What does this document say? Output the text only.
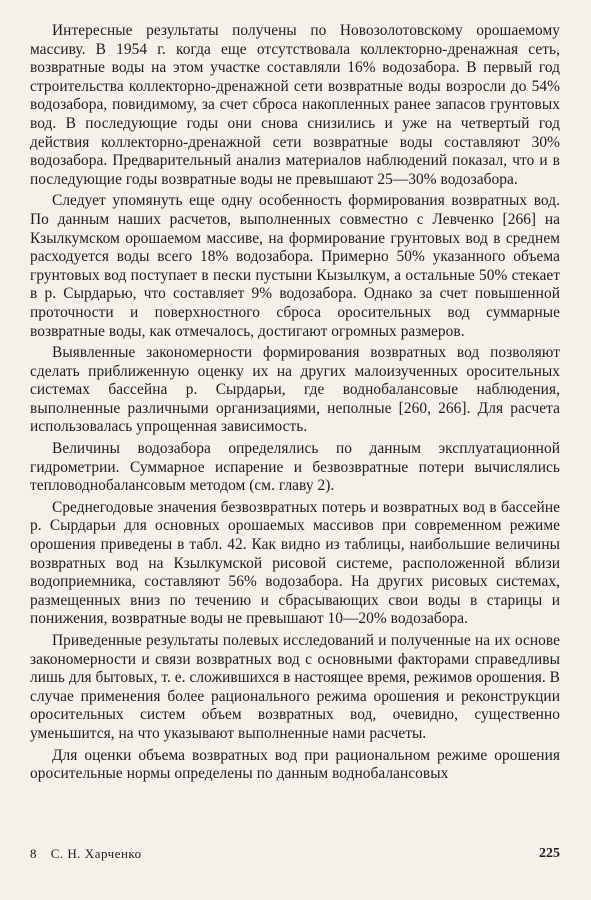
Интересные результаты получены по Новозолотовскому орошаемому массиву. В 1954 г. когда еще отсутствовала коллекторно-дренажная сеть, возвратные воды на этом участке составляли 16% водозабора. В первый год строительства коллекторно-дренажной сети возвратные воды возросли до 54% водозабора, повидимому, за счет сброса накопленных ранее запасов грунтовых вод. В последующие годы они снова снизились и уже на четвертый год действия коллекторно-дренажной сети возвратные воды составляют 30% водозабора. Предварительный анализ материалов наблюдений показал, что и в последующие годы возвратные воды не превышают 25—30% водозабора.

Следует упомянуть еще одну особенность формирования возвратных вод. По данным наших расчетов, выполненных совместно с Левченко [266] на Кзылкумском орошаемом массиве, на формирование грунтовых вод в среднем расходуется воды всего 18% водозабора. Примерно 50% указанного объема грунтовых вод поступает в пески пустыни Кызылкум, а остальные 50% стекает в р. Сырдарью, что составляет 9% водозабора. Однако за счет повышенной проточности и поверхностного сброса оросительных вод суммарные возвратные воды, как отмечалось, достигают огромных размеров.

Выявленные закономерности формирования возвратных вод позволяют сделать приближенную оценку их на других малоизученных оросительных системах бассейна р. Сырдарьи, где воднобалансовые наблюдения, выполненные различными организациями, неполные [260, 266]. Для расчета использовалась упрощенная зависимость.

Величины водозабора определялись по данным эксплуатационной гидрометрии. Суммарное испарение и безвозвратные потери вычислялись тепловоднобалансовым методом (см. главу 2).

Среднегодовые значения безвозвратных потерь и возвратных вод в бассейне р. Сырдарьи для основных орошаемых массивов при современном режиме орошения приведены в табл. 42. Как видно из таблицы, наибольшие величины возвратных вод на Кзылкумской рисовой системе, расположенной вблизи водоприемника, составляют 56% водозабора. На других рисовых системах, размещенных вниз по течению и сбрасывающих свои воды в старицы и понижения, возвратные воды не превышают 10—20% водозабора.

Приведенные результаты полевых исследований и полученные на их основе закономерности и связи возвратных вод с основными факторами справедливы лишь для бытовых, т. е. сложившихся в настоящее время, режимов орошения. В случае применения более рационального режима орошения и реконструкции оросительных систем объем возвратных вод, очевидно, существенно уменьшится, на что указывают выполненные нами расчеты.

Для оценки объема возвратных вод при рациональном режиме орошения оросительные нормы определены по данным воднобалансовых

8 С. Н. Харченко	225
